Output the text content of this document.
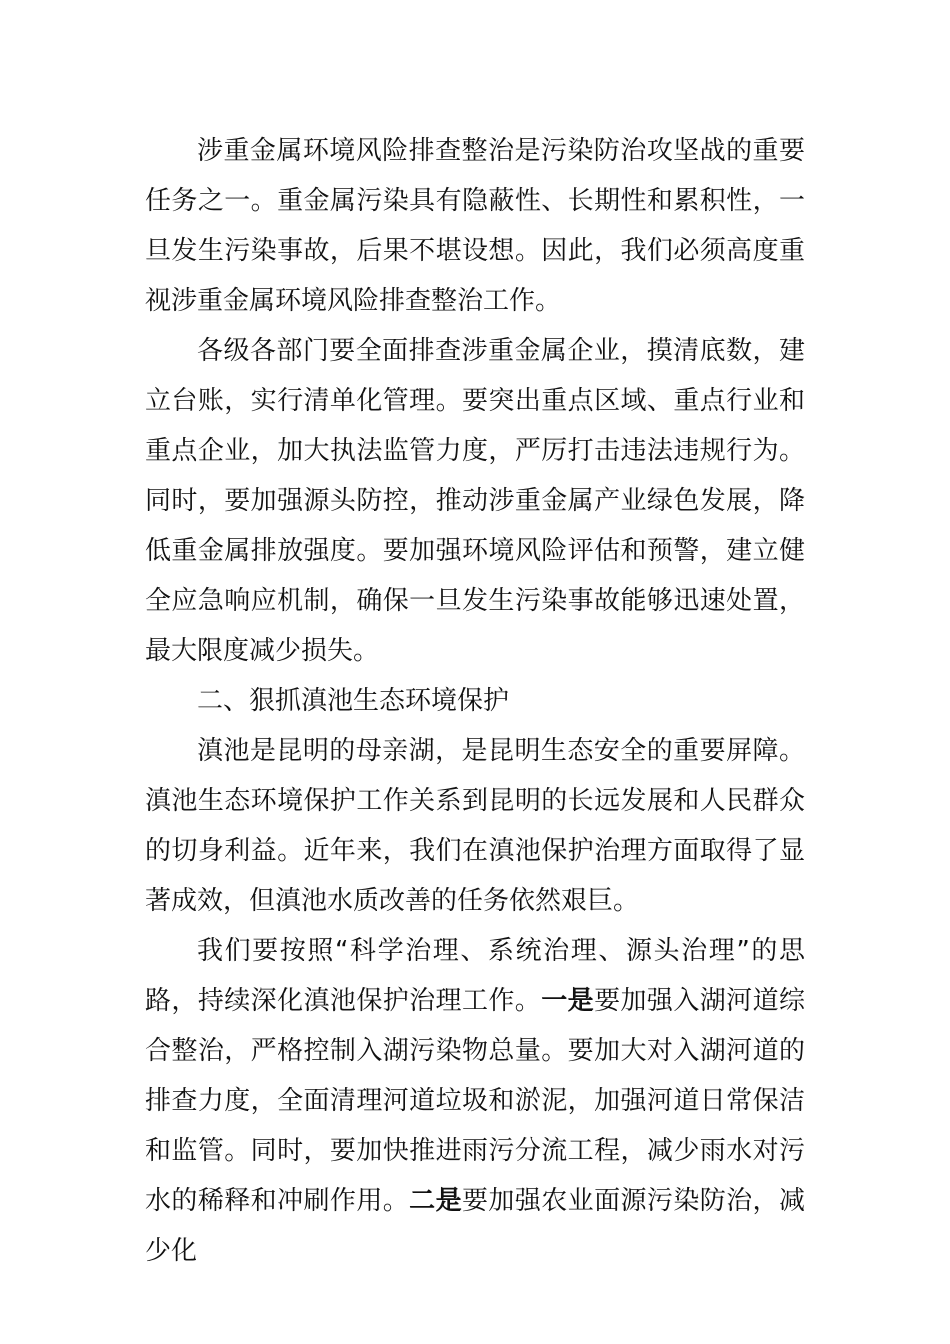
涉重金属环境风险排查整治是污染防治攻坚战的重要任务之一。重金属污染具有隐蔽性、长期性和累积性，一旦发生污染事故，后果不堪设想。因此，我们必须高度重视涉重金属环境风险排查整治工作。

各级各部门要全面排查涉重金属企业，摸清底数，建立台账，实行清单化管理。要突出重点区域、重点行业和重点企业，加大执法监管力度，严厉打击违法违规行为。同时，要加强源头防控，推动涉重金属产业绿色发展，降低重金属排放强度。要加强环境风险评估和预警，建立健全应急响应机制，确保一旦发生污染事故能够迅速处置，最大限度减少损失。

二、狠抓滇池生态环境保护

滇池是昆明的母亲湖，是昆明生态安全的重要屏障。滇池生态环境保护工作关系到昆明的长远发展和人民群众的切身利益。近年来，我们在滇池保护治理方面取得了显著成效，但滇池水质改善的任务依然艰巨。

我们要按照“科学治理、系统治理、源头治理”的思路，持续深化滇池保护治理工作。一是要加强入湖河道综合整治，严格控制入湖污染物总量。要加大对入湖河道的排查力度，全面清理河道垃圾和淤泥，加强河道日常保洁和监管。同时，要加快推进雨污分流工程，减少雨水对污水的稀释和冲刷作用。二是要加强农业面源污染防治，减少化
